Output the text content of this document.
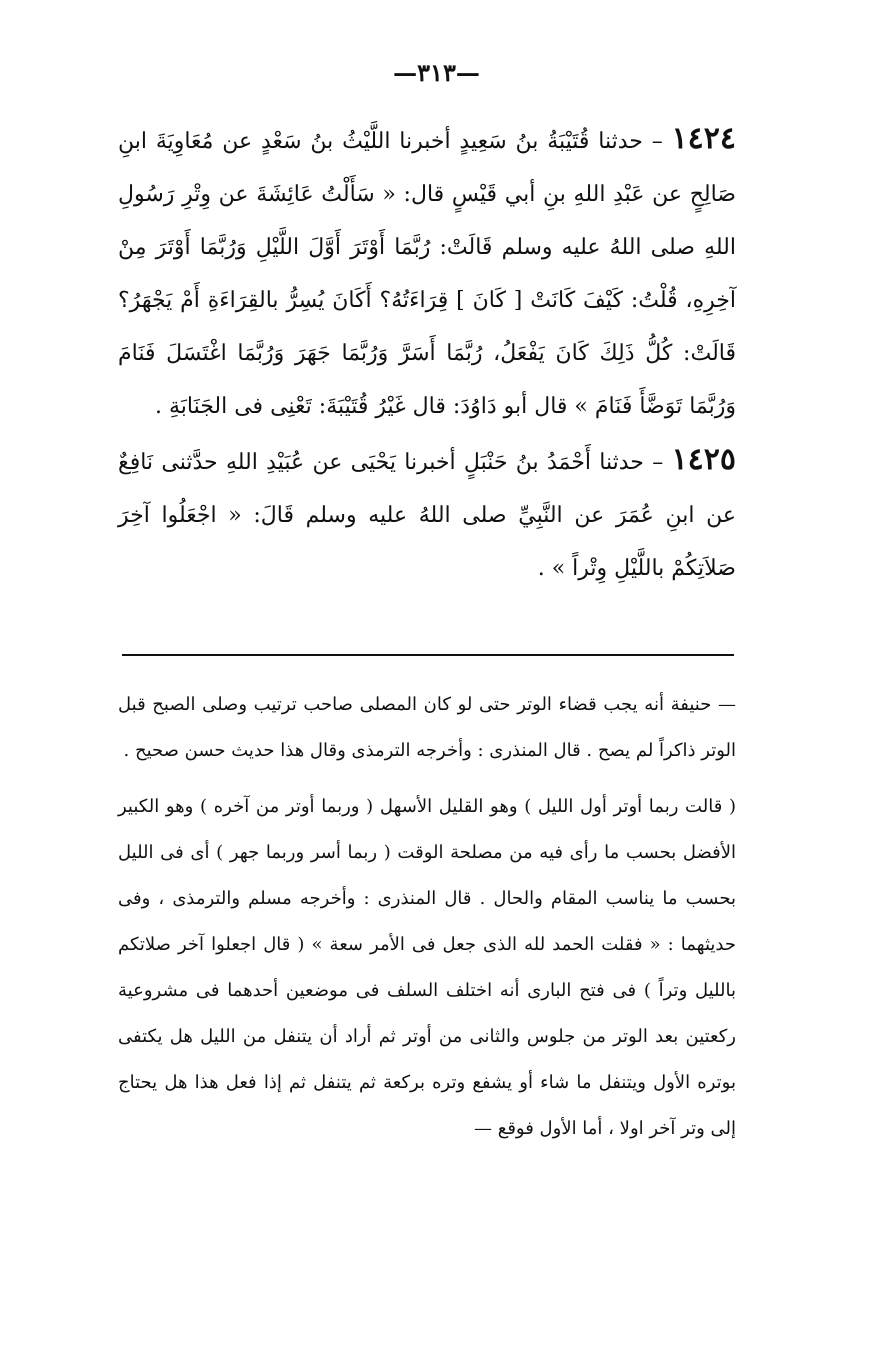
—٣١٣—

١٤٢٤ – حدثنا قُتَيْبَةُ بنُ سَعِيدٍ أخبرنا اللَّيْثُ بنُ سَعْدٍ عن مُعَاوِيَةَ ابنِ صَالِحٍ عن عَبْدِ اللهِ بنِ أبي قَيْسٍ قال: « سَأَلْتُ عَائِشَةَ عن وِتْرِ رَسُولِ اللهِ صلى اللهُ عليه وسلم قَالَتْ: رُبَّمَا أَوْتَرَ أَوَّلَ اللَّيْلِ وَرُبَّمَا أَوْتَرَ مِنْ آخِرِهِ، قُلْتُ: كَيْفَ كَانَتْ [ كَانَ ] قِرَاءَتُهُ؟ أَكَانَ يُسِرُّ بالقِرَاءَةِ أَمْ يَجْهَرُ؟ قَالَتْ: كُلُّ ذَلِكَ كَانَ يَفْعَلُ، رُبَّمَا أَسَرَّ وَرُبَّمَا جَهَرَ وَرُبَّمَا اغْتَسَلَ فَنَامَ وَرُبَّمَا تَوَضَّأَ فَنَامَ » قال أبو دَاوُدَ: قال غَيْرُ قُتَيْبَةَ: تَعْنِى فى الجَنَابَةِ .

١٤٢٥ – حدثنا أَحْمَدُ بنُ حَنْبَلٍ أخبرنا يَحْيَى عن عُبَيْدِ اللهِ حدَّثنى نَافِعٌ عن ابنِ عُمَرَ عن النَّبِيِّ صلى اللهُ عليه وسلم قَالَ: « اجْعَلُوا آخِرَ صَلاَتِكُمْ باللَّيْلِ وِتْراً » .

— حنيفة أنه يجب قضاء الوتر حتى لو كان المصلى صاحب ترتيب وصلى الصبح قبل الوتر ذاكراً لم يصح . قال المنذرى : وأخرجه الترمذى وقال هذا حديث حسن صحيح .

( قالت ربما أوتر أول الليل ) وهو القليل الأسهل ( وربما أوتر من آخره ) وهو الكبير الأفضل بحسب ما رأى فيه من مصلحة الوقت ( ربما أسر وربما جهر ) أى فى الليل بحسب ما يناسب المقام والحال . قال المنذرى : وأخرجه مسلم والترمذى ، وفى حديثهما : « فقلت الحمد لله الذى جعل فى الأمر سعة » ( قال اجعلوا آخر صلاتكم بالليل وتراً ) فى فتح البارى أنه اختلف السلف فى موضعين أحدهما فى مشروعية ركعتين بعد الوتر من جلوس والثانى من أوتر ثم أراد أن يتنفل من الليل هل يكتفى بوتره الأول ويتنفل ما شاء أو يشفع وتره بركعة ثم يتنفل ثم إذا فعل هذا هل يحتاج إلى وتر آخر اولا ، أما الأول فوقع —
